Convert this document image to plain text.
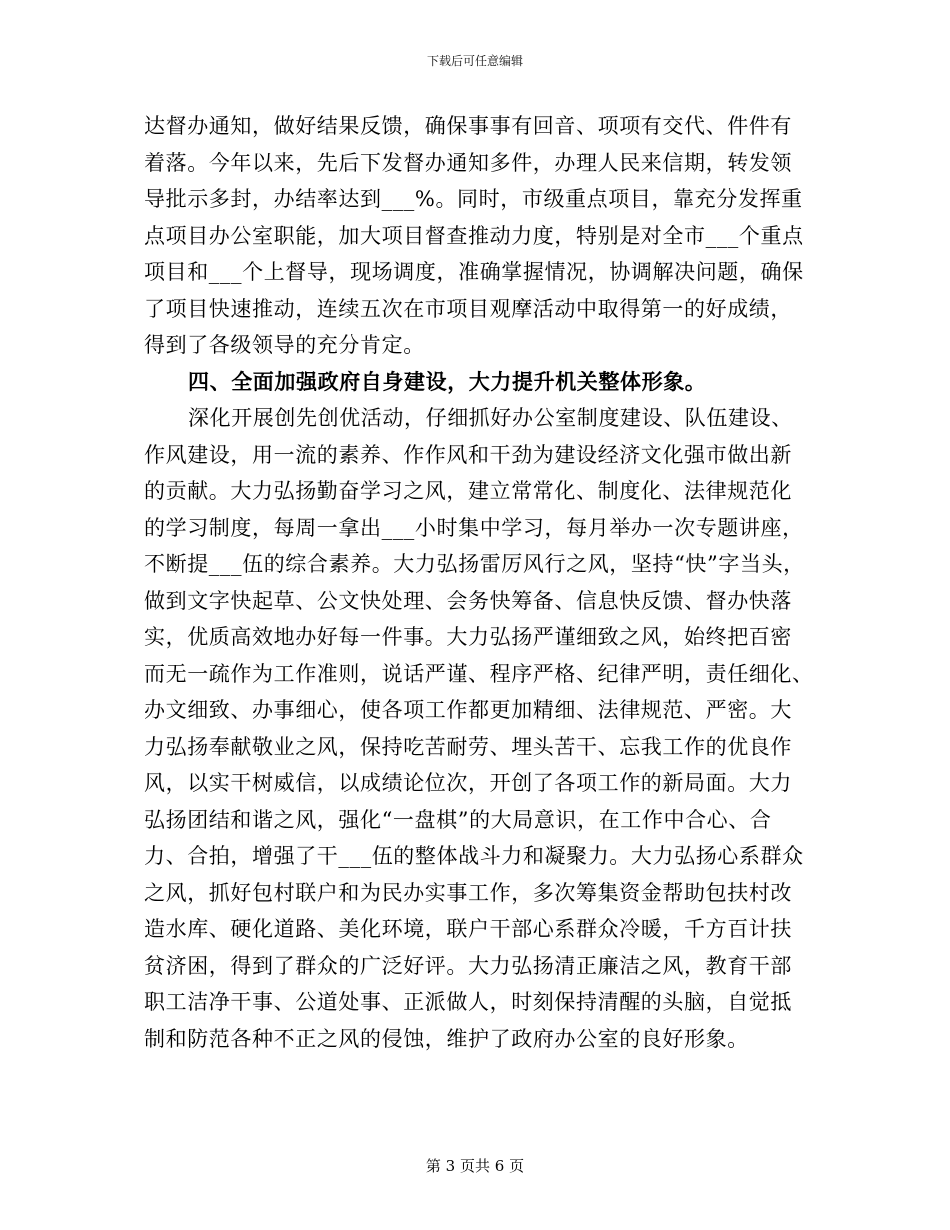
下载后可任意编辑
达督办通知，做好结果反馈，确保事事有回音、项项有交代、件件有
着落。今年以来，先后下发督办通知多件，办理人民来信期，转发领
导批示多封，办结率达到___%。同时，市级重点项目，靠充分发挥重
点项目办公室职能，加大项目督查推动力度，特别是对全市___个重点
项目和___个上督导，现场调度，准确掌握情况，协调解决问题，确保
了项目快速推动，连续五次在市项目观摩活动中取得第一的好成绩，
得到了各级领导的充分肯定。
四、全面加强政府自身建设，大力提升机关整体形象。
深化开展创先创优活动，仔细抓好办公室制度建设、队伍建设、
作风建设，用一流的素养、作作风和干劲为建设经济文化强市做出新
的贡献。大力弘扬勤奋学习之风，建立常常化、制度化、法律规范化
的学习制度，每周一拿出___小时集中学习，每月举办一次专题讲座，
不断提___伍的综合素养。大力弘扬雷厉风行之风，坚持“快”字当头，
做到文字快起草、公文快处理、会务快筹备、信息快反馈、督办快落
实，优质高效地办好每一件事。大力弘扬严谨细致之风，始终把百密
而无一疏作为工作准则，说话严谨、程序严格、纪律严明，责任细化、
办文细致、办事细心，使各项工作都更加精细、法律规范、严密。大
力弘扬奉献敬业之风，保持吃苦耐劳、埋头苦干、忘我工作的优良作
风，以实干树威信，以成绩论位次，开创了各项工作的新局面。大力
弘扬团结和谐之风，强化“一盘棋”的大局意识，在工作中合心、合
力、合拍，增强了干___伍的整体战斗力和凝聚力。大力弘扬心系群众
之风，抓好包村联户和为民办实事工作，多次筹集资金帮助包扶村改
造水库、硬化道路、美化环境，联户干部心系群众冷暖，千方百计扶
贫济困，得到了群众的广泛好评。大力弘扬清正廉洁之风，教育干部
职工洁净干事、公道处事、正派做人，时刻保持清醒的头脑，自觉抵
制和防范各种不正之风的侵蚀，维护了政府办公室的良好形象。
第 3 页共 6 页
